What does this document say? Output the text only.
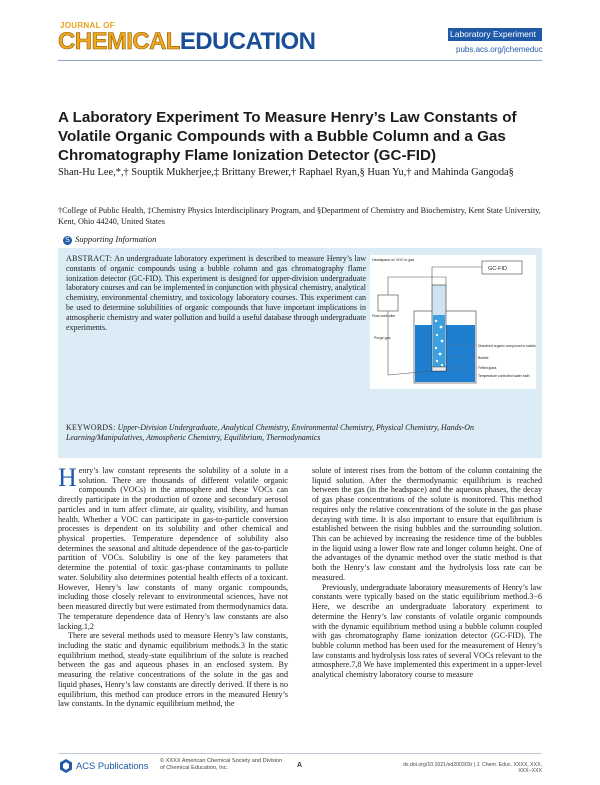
JOURNAL OF
CHEMICALEDUCATION	Laboratory Experiment
pubs.acs.org/jchemeduc
A Laboratory Experiment To Measure Henry’s Law Constants of Volatile Organic Compounds with a Bubble Column and a Gas Chromatography Flame Ionization Detector (GC-FID)
Shan-Hu Lee,*,† Souptik Mukherjee,‡ Brittany Brewer,† Raphael Ryan,§ Huan Yu,† and Mahinda Gangoda§
†College of Public Health, ‡Chemistry Physics Interdisciplinary Program, and §Department of Chemistry and Biochemistry, Kent State University, Kent, Ohio 44240, United States
S Supporting Information
ABSTRACT: An undergraduate laboratory experiment is described to measure Henry’s law constants of organic compounds using a bubble column and gas chromatography flame ionization detector (GC-FID). This experiment is designed for upper-division undergraduate laboratory courses and can be implemented in conjunction with physical chemistry, analytical chemistry, environmental chemistry, and toxicology laboratory courses. This experiment can be used to determine solubilities of organic compounds that have important implications in atmospheric chemistry and water pollution and build a useful database through undergraduate experiments.
GC-FID
Headspace w/ VOC in gas
Flow controller
Purge gas
Dissolved organic compound in solution
Bubble
Fritted glass
Temperature controlled water bath
KEYWORDS: Upper-Division Undergraduate, Analytical Chemistry, Environmental Chemistry, Physical Chemistry, Hands-On Learning/Manipulatives, Atmospheric Chemistry, Equilibrium, Thermodynamics

Henry’s law constant represents the solubility of a solute in a solution. There are thousands of different volatile organic compounds (VOCs) in the atmosphere and these VOCs can directly participate in the production of ozone and secondary aerosol particles and in turn affect climate, air quality, visibility, and human health. Whether a VOC can participate in gas-to-particle conversion processes is dependent on its solubility and other chemical and physical properties. Temperature dependence of solubility also determines the seasonal and altitude dependence of the gas-to-particle partition of VOCs. Solubility is one of the key parameters that determine the potential of toxic gas-phase contaminants to pollute water. Solubility also determines potential health effects of a toxicant. However, Henry’s law constants of many organic compounds, including those closely relevant to environmental sciences, have not been measured directly but were estimated from thermodynamics data. The temperature dependence data of Henry’s law constants are also lacking.1,2

There are several methods used to measure Henry’s law constants, including the static and dynamic equilibrium methods.3 In the static equilibrium method, steady-state equilibrium of the solute is reached between the gas and aqueous phases in an enclosed system. By measuring the relative concentrations of the solute in the gas and liquid phases, Henry’s law constants are directly derived. If there is no equilibrium, this method can produce errors in the measured Henry’s law constants. In the dynamic equilibrium method, the

solute of interest rises from the bottom of the column containing the liquid solution. After the thermodynamic equilibrium is reached between the gas (in the headspace) and the aqueous phases, the decay of gas phase concentrations of the solute is monitored. This method requires only the relative concentrations of the solute in the gas phase decaying with time. It is also important to ensure that equilibrium is established between the rising bubbles and the surrounding solution. This can be achieved by increasing the residence time of the bubbles in the liquid using a lower flow rate and longer column height. One of the advantages of the dynamic method over the static method is that both the Henry’s law constant and the hydrolysis loss rate can be measured.

Previously, undergraduate laboratory measurements of Henry’s law constants were typically based on the static equilibrium method.3−6 Here, we describe an undergraduate laboratory experiment to determine the Henry’s law constants of volatile organic compounds with the dynamic equilibrium method using a bubble column coupled with gas chromatography flame ionization detector (GC-FID). The bubble column method has been used for the measurement of Henry’s law constants and hydrolysis loss rates of several VOCs relevant to the atmosphere.7,8 We have implemented this experiment in a upper-level analytical chemistry laboratory course to measure

ACS Publications © XXXX American Chemical Society and Division of Chemical Education, Inc.	A	dx.doi.org/10.1021/ed200303r | J. Chem. Educ. XXXX, XXX, XXX−XXX
